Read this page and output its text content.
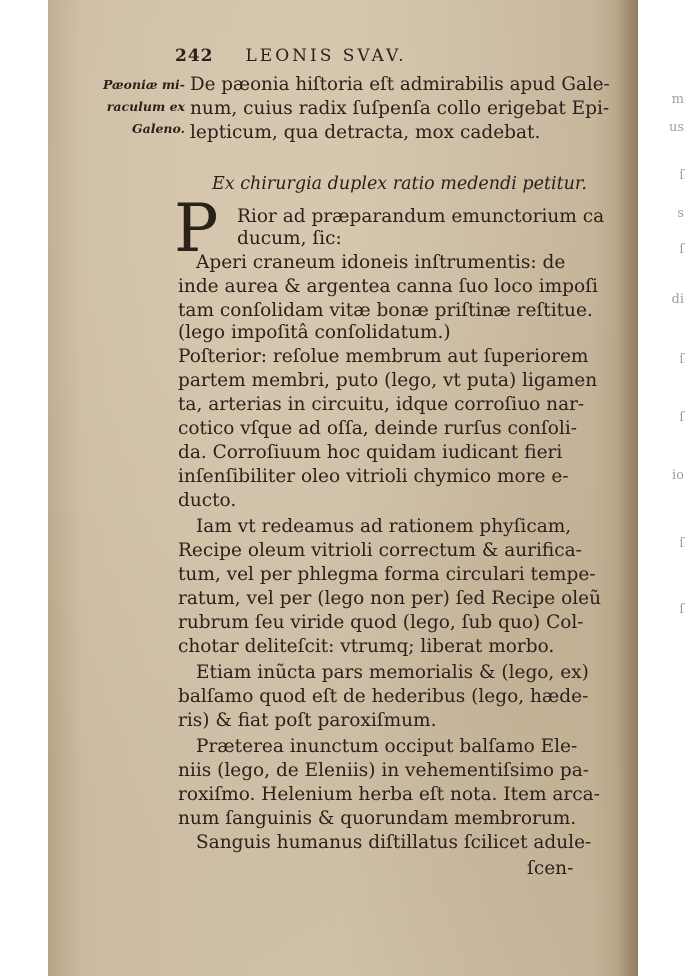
m
us
ſ
s
ſ
di
ſ
ſ
io
ſ
ſ
242 LEONIS SVAV.
Pæoniæ mi-
raculum ex
Galeno.
De pæonia hiſtoria eſt admirabilis apud Gale-
num, cuius radix ſuſpenſa collo erigebat Epi-
lepticum, qua detracta, mox cadebat.
Ex chirurgia duplex ratio medendi petitur.
P Rior ad præparandum emunctorium ca
ducum, ſic:
Aperi craneum idoneis inſtrumentis: de
inde aurea & argentea canna ſuo loco impoſi
tam conſolidam vitæ bonæ priſtinæ reſtitue.
(lego impoſitâ conſolidatum.)
Poſterior: reſolue membrum aut ſuperiorem
partem membri, puto (lego, vt puta) ligamen
ta, arterias in circuitu, idque corroſiuo nar-
cotico vſque ad oſſa, deinde rurſus conſoli-
da. Corroſiuum hoc quidam iudicant fieri
inſenſibiliter oleo vitrioli chymico more e-
ducto.
Iam vt redeamus ad rationem phyſicam,
Recipe oleum vitrioli correctum & aurifica-
tum, vel per phlegma forma circulari tempe-
ratum, vel per (lego non per) ſed Recipe oleũ
rubrum ſeu viride quod (lego, ſub quo) Col-
chotar deliteſcit: vtrumq; liberat morbo.
Etiam inũcta pars memorialis & (lego, ex)
balſamo quod eſt de hederibus (lego, hæde-
ris) & fiat poſt paroxiſmum.
Præterea inunctum occiput balſamo Ele-
niis (lego, de Eleniis) in vehementiſsimo pa-
roxiſmo. Helenium herba eſt nota. Item arca-
num ſanguinis & quorundam membrorum.
Sanguis humanus diſtillatus ſcilicet adule-
ſcen-
